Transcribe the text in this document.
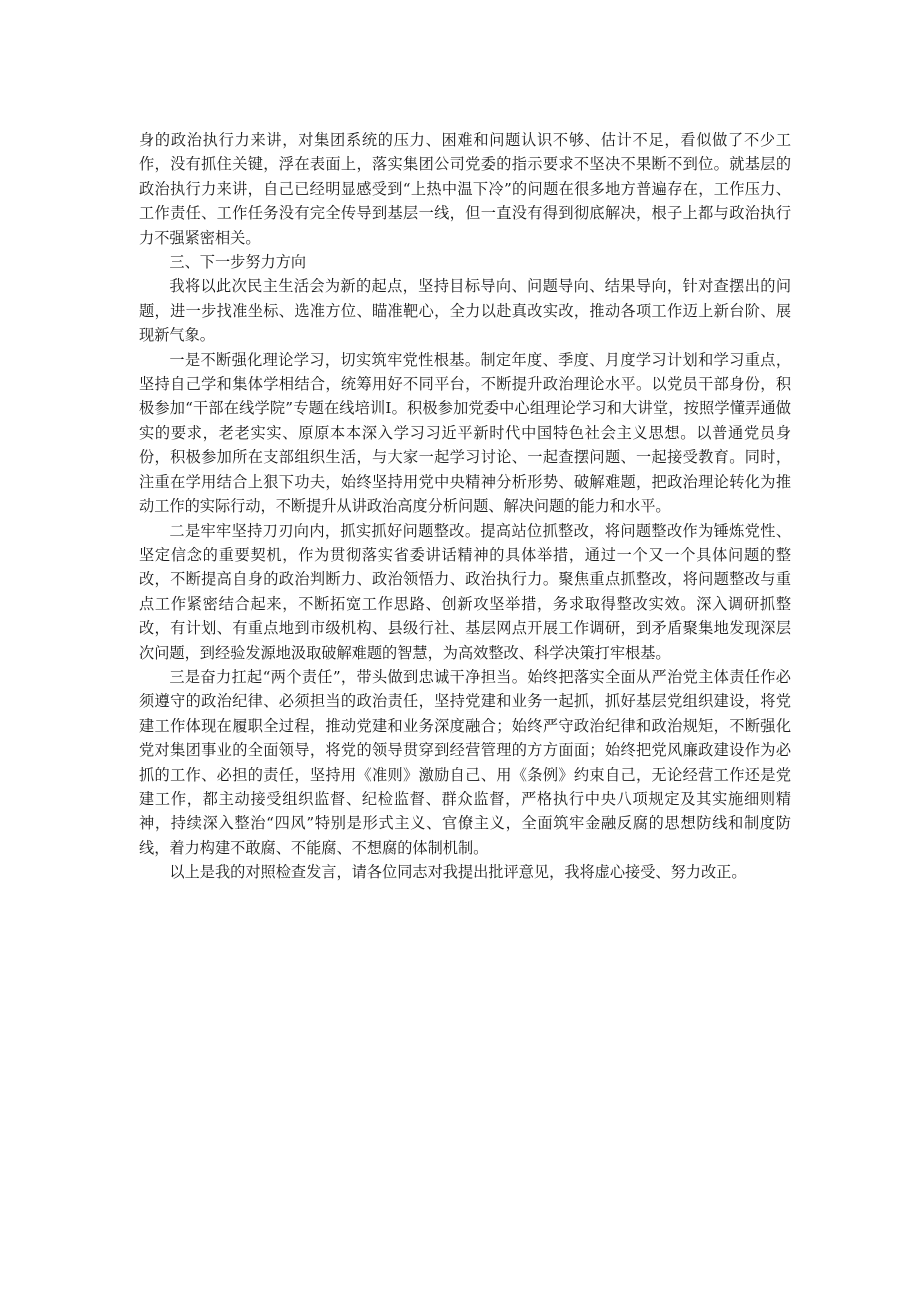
身的政治执行力来讲，对集团系统的压力、困难和问题认识不够、估计不足，看似做了不少工作，没有抓住关键，浮在表面上，落实集团公司党委的指示要求不坚决不果断不到位。就基层的政治执行力来讲，自己已经明显感受到“上热中温下冷”的问题在很多地方普遍存在，工作压力、工作责任、工作任务没有完全传导到基层一线，但一直没有得到彻底解决，根子上都与政治执行力不强紧密相关。

三、下一步努力方向

我将以此次民主生活会为新的起点，坚持目标导向、问题导向、结果导向，针对查摆出的问题，进一步找准坐标、选准方位、瞄准靶心，全力以赴真改实改，推动各项工作迈上新台阶、展现新气象。

一是不断强化理论学习，切实筑牢党性根基。制定年度、季度、月度学习计划和学习重点，坚持自己学和集体学相结合，统筹用好不同平台，不断提升政治理论水平。以党员干部身份，积极参加“干部在线学院”专题在线培训Ⅰ。积极参加党委中心组理论学习和大讲堂，按照学懂弄通做实的要求，老老实实、原原本本深入学习习近平新时代中国特色社会主义思想。以普通党员身份，积极参加所在支部组织生活，与大家一起学习讨论、一起查摆问题、一起接受教育。同时，注重在学用结合上狠下功夫，始终坚持用党中央精神分析形势、破解难题，把政治理论转化为推动工作的实际行动，不断提升从讲政治高度分析问题、解决问题的能力和水平。

二是牢牢坚持刀刃向内，抓实抓好问题整改。提高站位抓整改，将问题整改作为锤炼党性、坚定信念的重要契机，作为贯彻落实省委讲话精神的具体举措，通过一个又一个具体问题的整改，不断提高自身的政治判断力、政治领悟力、政治执行力。聚焦重点抓整改，将问题整改与重点工作紧密结合起来，不断拓宽工作思路、创新攻坚举措，务求取得整改实效。深入调研抓整改，有计划、有重点地到市级机构、县级行社、基层网点开展工作调研，到矛盾聚集地发现深层次问题，到经验发源地汲取破解难题的智慧，为高效整改、科学决策打牢根基。

三是奋力扛起“两个责任”，带头做到忠诚干净担当。始终把落实全面从严治党主体责任作必须遵守的政治纪律、必须担当的政治责任，坚持党建和业务一起抓，抓好基层党组织建设，将党建工作体现在履职全过程，推动党建和业务深度融合；始终严守政治纪律和政治规矩，不断强化党对集团事业的全面领导，将党的领导贯穿到经营管理的方方面面；始终把党风廉政建设作为必抓的工作、必担的责任，坚持用《准则》激励自己、用《条例》约束自己，无论经营工作还是党建工作，都主动接受组织监督、纪检监督、群众监督，严格执行中央八项规定及其实施细则精神，持续深入整治“四风”特别是形式主义、官僚主义，全面筑牢金融反腐的思想防线和制度防线，着力构建不敢腐、不能腐、不想腐的体制机制。

以上是我的对照检查发言，请各位同志对我提出批评意见，我将虚心接受、努力改正。
